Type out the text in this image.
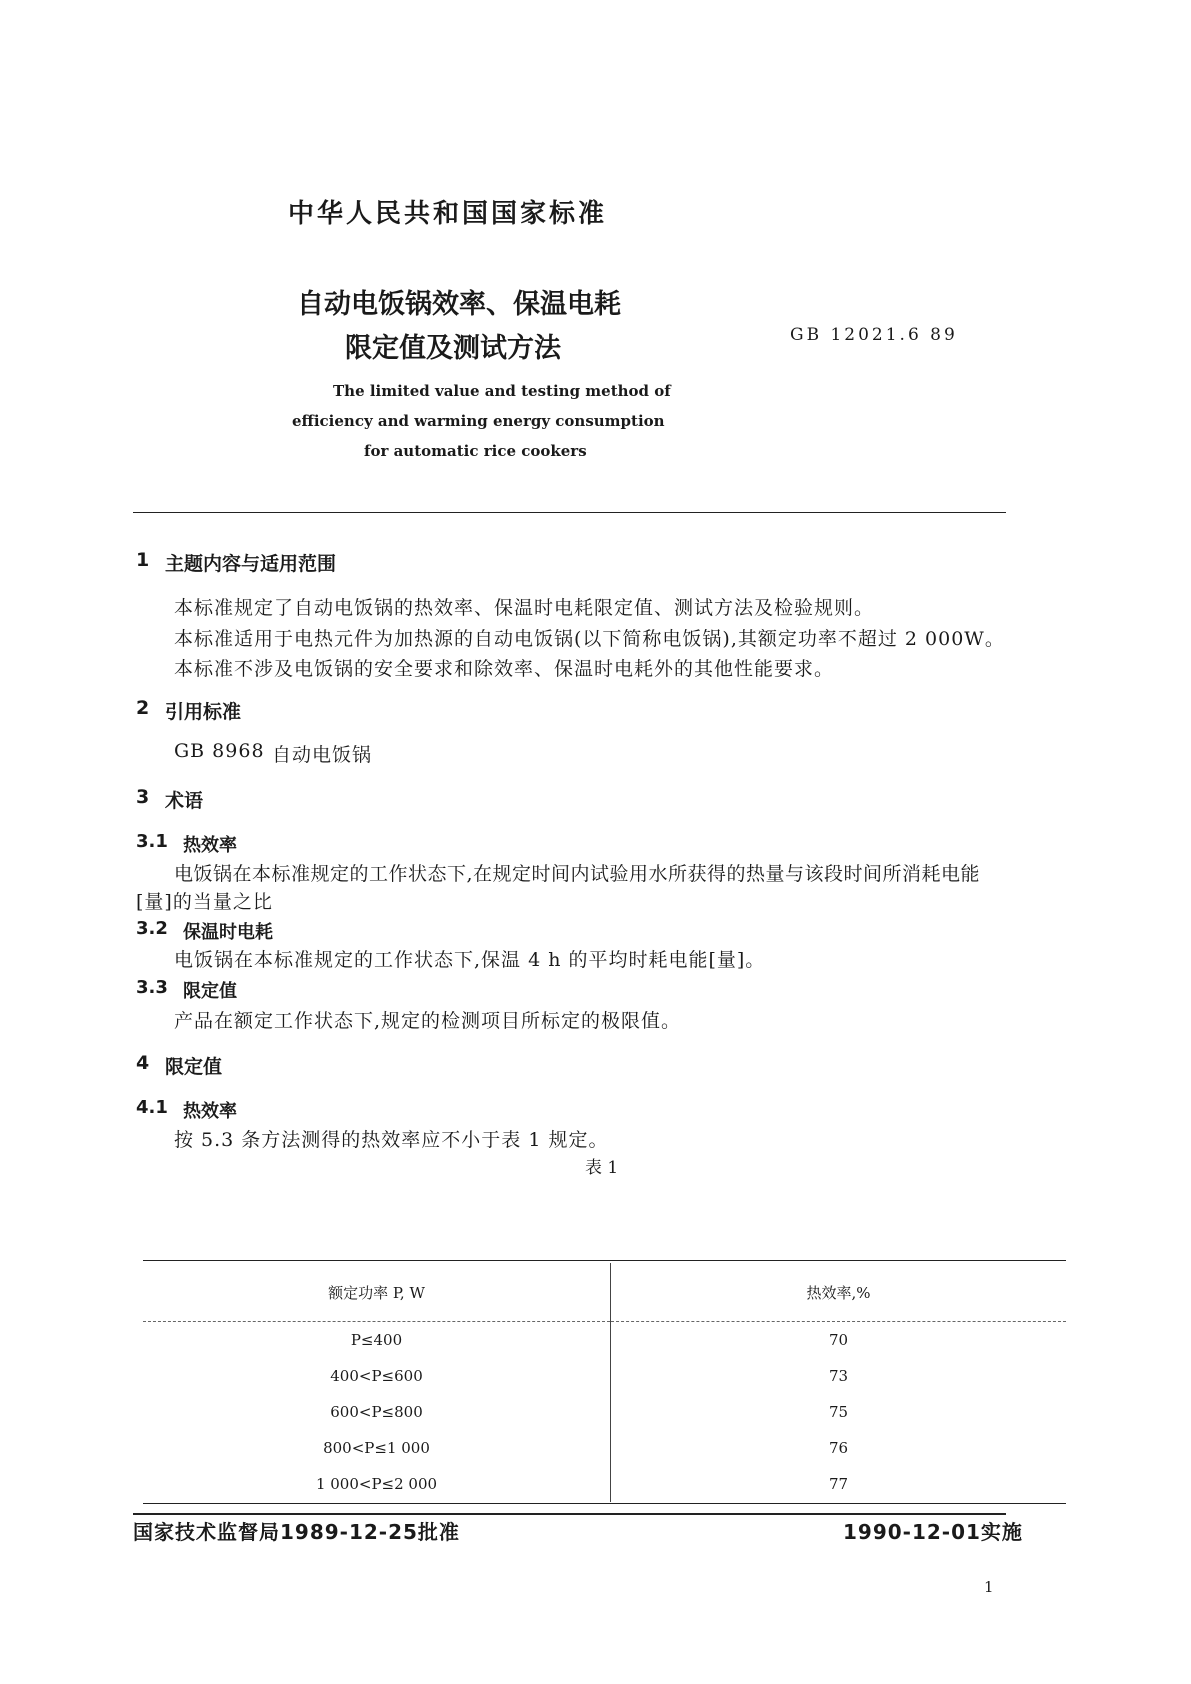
中华人民共和国国家标准
自动电饭锅效率、保温电耗
限定值及测试方法	GB 12021.6 89
The limited value and testing method of
efficiency and warming energy consumption
for automatic rice cookers
1 主题内容与适用范围
本标准规定了自动电饭锅的热效率、保温时电耗限定值、测试方法及检验规则。
本标准适用于电热元件为加热源的自动电饭锅(以下简称电饭锅),其额定功率不超过 2 000W。
本标准不涉及电饭锅的安全要求和除效率、保温时电耗外的其他性能要求。
2 引用标准
GB 8968 自动电饭锅
3 术语
3.1 热效率
电饭锅在本标准规定的工作状态下,在规定时间内试验用水所获得的热量与该段时间所消耗电能
[量]的当量之比
3.2 保温时电耗
电饭锅在本标准规定的工作状态下,保温 4 h 的平均时耗电能[量]。
3.3 限定值
产品在额定工作状态下,规定的检测项目所标定的极限值。
4 限定值
4.1 热效率
按 5.3 条方法测得的热效率应不小于表 1 规定。
表 1
额定功率 P, W	热效率,%
P≤400	70
400<P≤600	73
600<P≤800	75
800<P≤1 000	76
1 000<P≤2 000	77
国家技术监督局1989-12-25批准	1990-12-01实施
1
